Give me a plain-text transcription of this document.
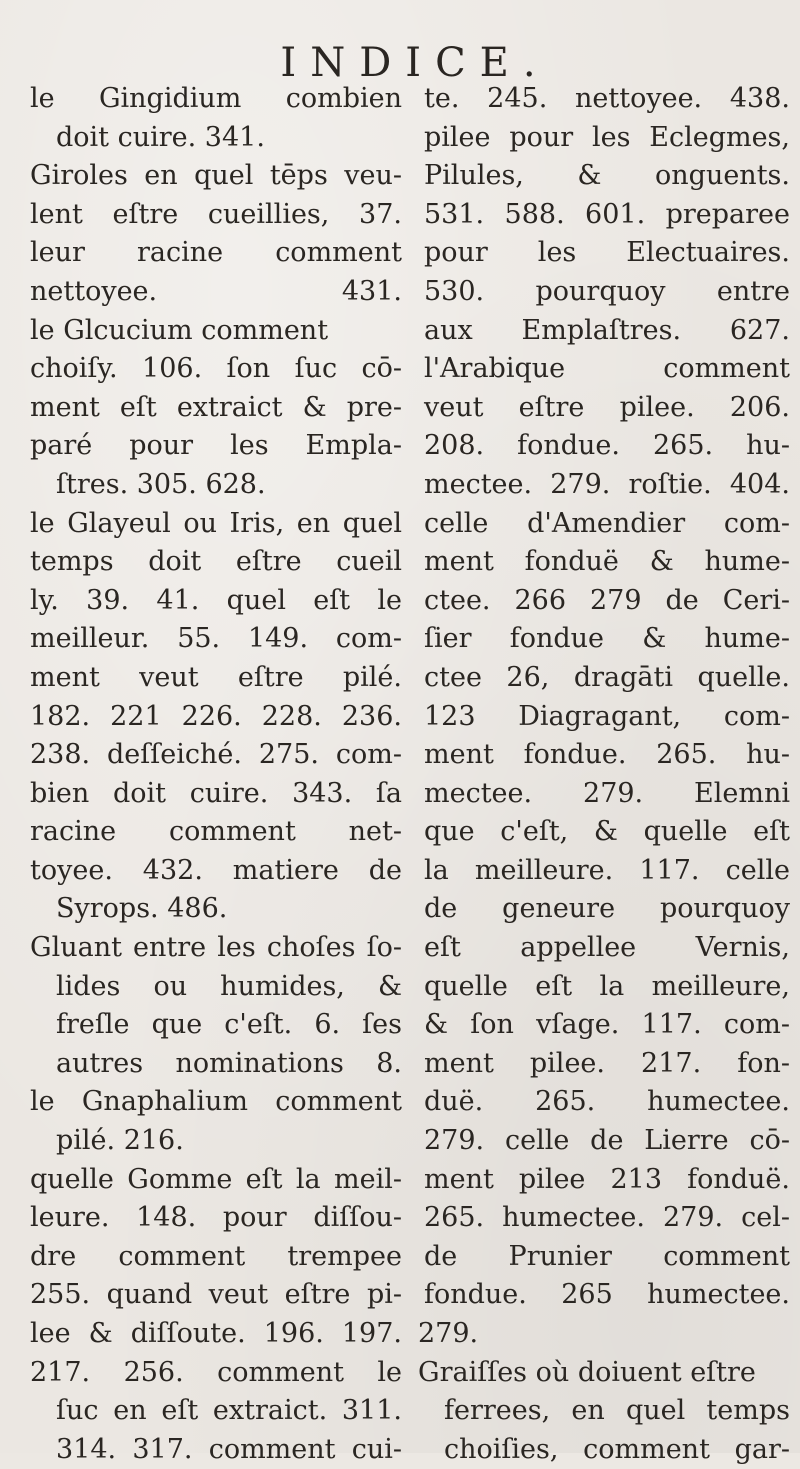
INDICE.
le Gingidium combien
doit cuire. 341.
Giroles en quel tēps veu-
lent eſtre cueillies, 37.
leur racine comment
nettoyee. 431.
le Glcucium comment
choiſy. 106. ſon ſuc cō-
ment eſt extraict & pre-
paré pour les Empla-
ſtres. 305. 628.
le Glayeul ou Iris, en quel
temps doit eſtre cueil
ly. 39. 41. quel eſt le
meilleur. 55. 149. com-
ment veut eſtre pilé.
182. 221 226. 228. 236.
238. deſſeiché. 275. com-
bien doit cuire. 343. ſa
racine comment net-
toyee. 432. matiere de
Syrops. 486.
Gluant entre les choſes ſo-
lides ou humides, &
freſle que c'eſt. 6. ſes
autres nominations 8.
le Gnaphalium comment
pilé. 216.
quelle Gomme eſt la meil-
leure. 148. pour diſſou-
dre comment trempee
255. quand veut eſtre pi-
lee & diſſoute. 196. 197.
217. 256. comment le
ſuc en eſt extraict. 311.
314. 317. comment cui-
te. 245. nettoyee. 438.
pilee pour les Eclegmes,
Pilules, & onguents.
531. 588. 601. preparee
pour les Electuaires.
530. pourquoy entre
aux Emplaſtres. 627.
l'Arabique comment
veut eſtre pilee. 206.
208. fondue. 265. hu-
mectee. 279. roſtie. 404.
celle d'Amendier com-
ment fonduë & hume-
ctee. 266 279 de Ceri-
ſier fondue & hume-
ctee 26, dragāti quelle.
123 Diagragant, com-
ment fondue. 265. hu-
mectee. 279. Elemni
que c'eſt, & quelle eſt
la meilleure. 117. celle
de geneure pourquoy
eſt appellee Vernis,
quelle eſt la meilleure,
& ſon vſage. 117. com-
ment pilee. 217. fon-
duë. 265. humectee.
279. celle de Lierre cō-
ment pilee 213 fonduë.
265. humectee. 279. cel-
de Prunier comment
fondue. 265 humectee.
279.
Graiſſes où doiuent eſtre
ferrees, en quel temps
choiſies, comment gar-
